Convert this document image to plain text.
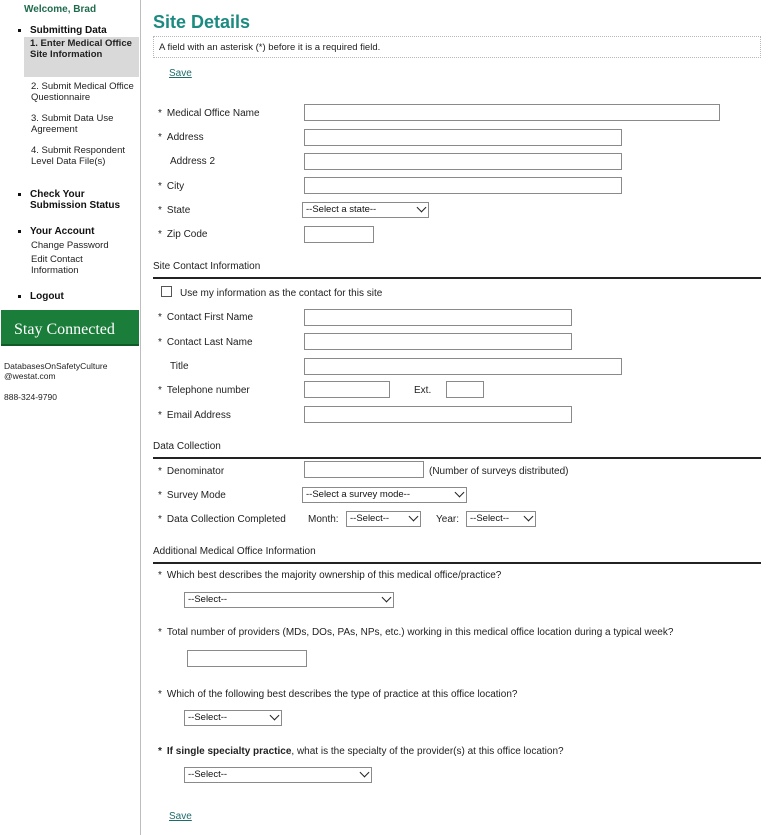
Welcome, Brad
Submitting Data
1. Enter Medical Office Site Information
2. Submit Medical Office Questionnaire
3. Submit Data Use Agreement
4. Submit Respondent Level Data File(s)
Check Your Submission Status
Your Account
Change Password
Edit Contact Information
Logout
Stay Connected
DatabasesOnSafetyCulture
@westat.com
888-324-9790
Site Details
A field with an asterisk (*) before it is a required field.
Save
* Medical Office Name
* Address
Address 2
* City
* State	--Select a state--
* Zip Code
Site Contact Information
Use my information as the contact for this site
* Contact First Name
* Contact Last Name
Title
* Telephone number	Ext.
* Email Address
Data Collection
* Denominator	(Number of surveys distributed)
* Survey Mode	--Select a survey mode--
* Data Collection Completed Month:	--Select--	Year:	--Select--
Additional Medical Office Information
* Which best describes the majority ownership of this medical office/practice?
--Select--
* Total number of providers (MDs, DOs, PAs, NPs, etc.) working in this medical office location during a typical week?
* Which of the following best describes the type of practice at this office location?
--Select--
* If single specialty practice, what is the specialty of the provider(s) at this office location?
--Select--
Save
